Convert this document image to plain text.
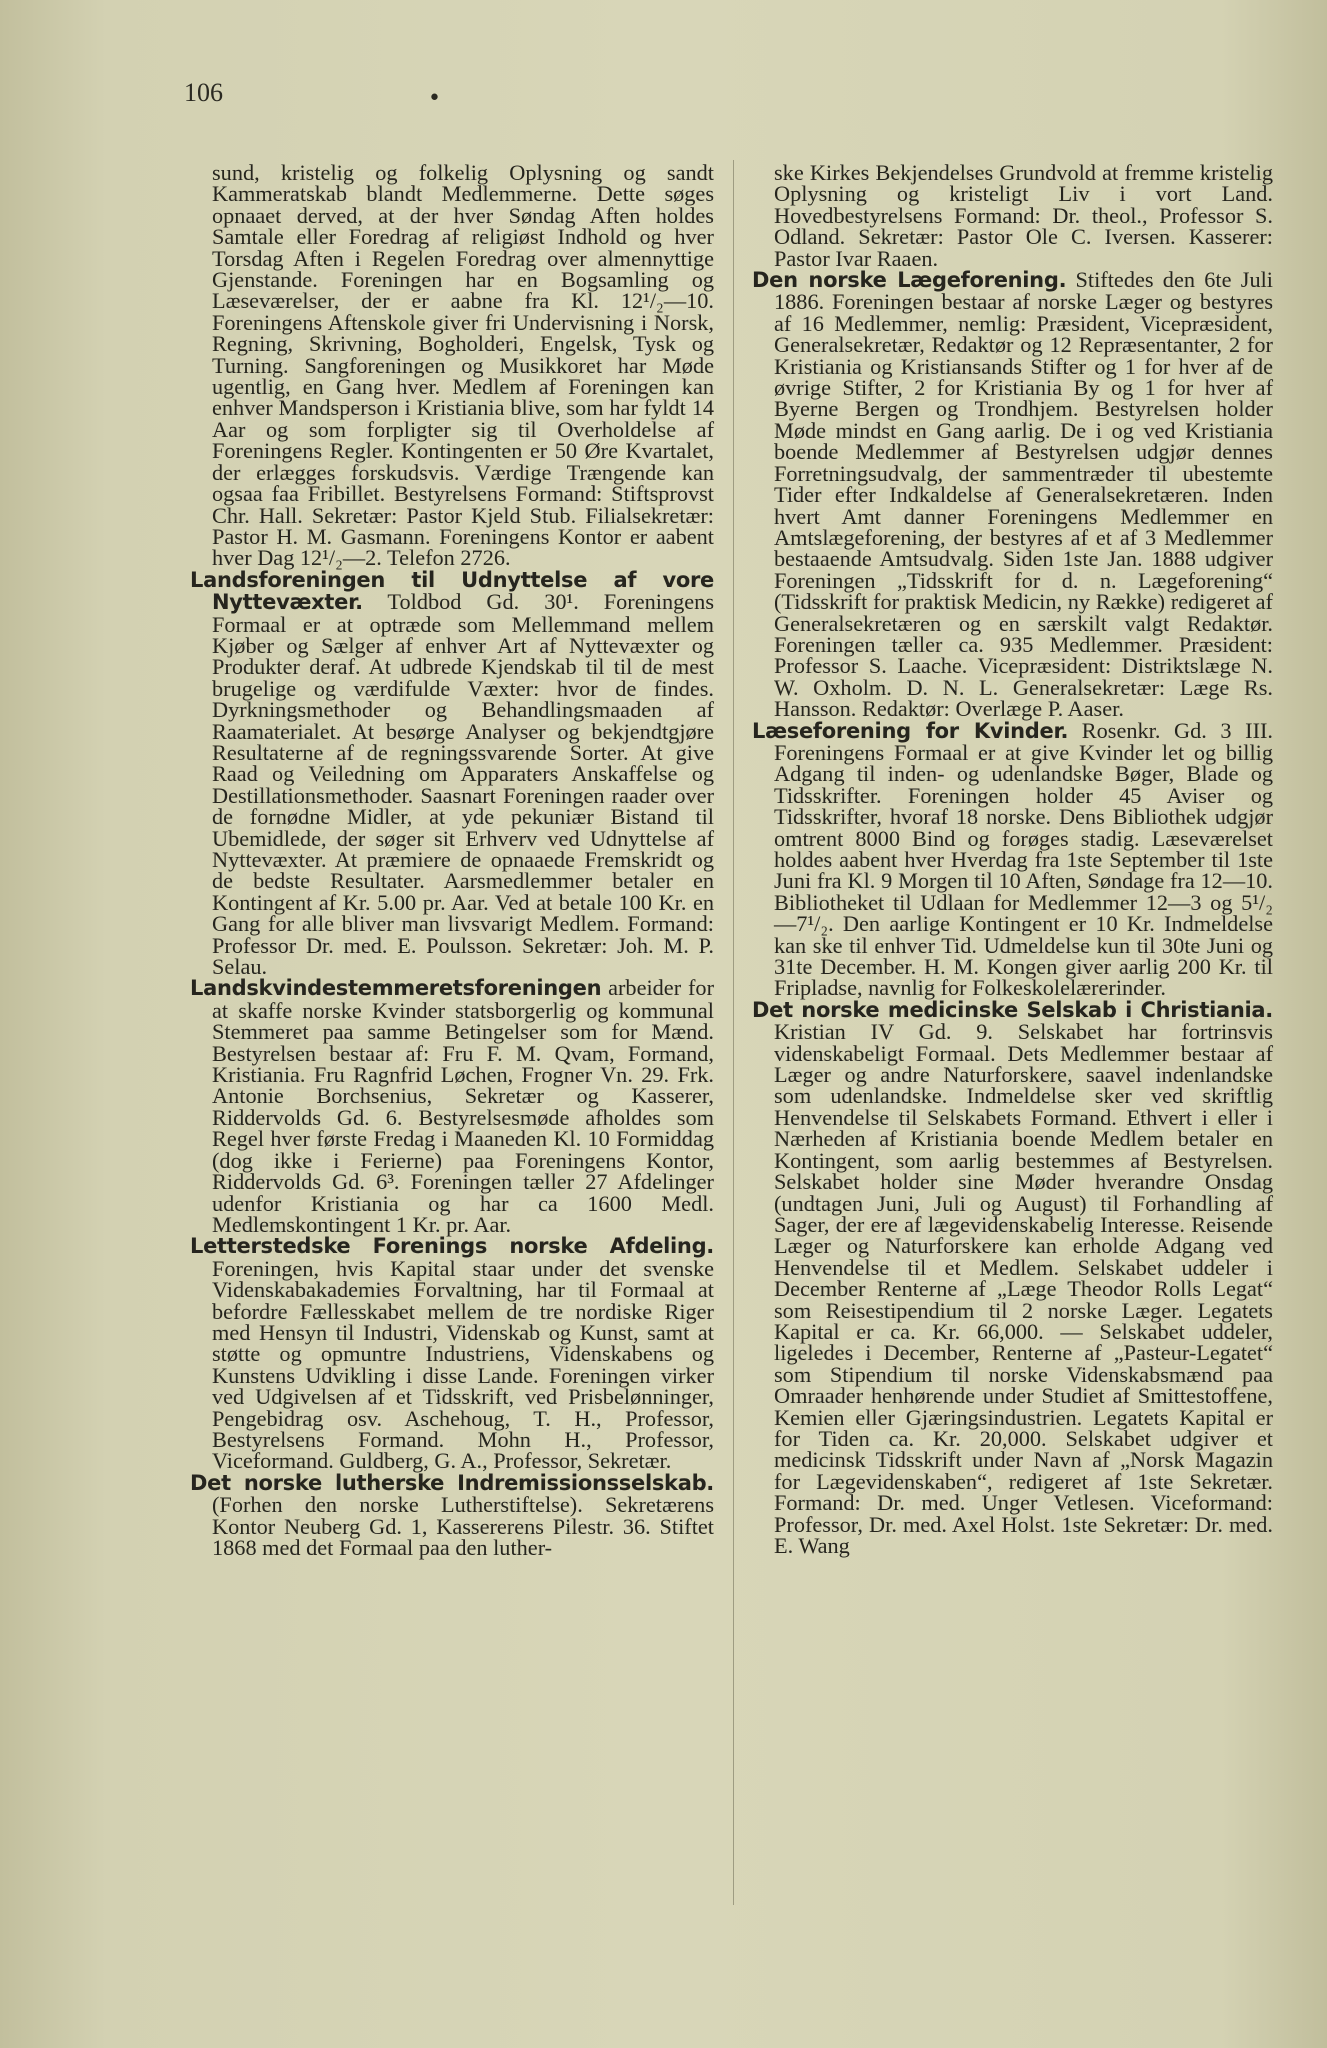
106	•

sund, kristelig og folkelig Oplysning og sandt Kammeratskab blandt Medlemmerne. Dette søges opnaaet derved, at der hver Søndag Aften holdes Samtale eller Foredrag af religiøst Indhold og hver Torsdag Aften i Regelen Foredrag over almennyttige Gjenstande. Foreningen har en Bogsamling og Læseværelser, der er aabne fra Kl. 12¹/₂—10. Foreningens Aftenskole giver fri Undervisning i Norsk, Regning, Skrivning, Bogholderi, Engelsk, Tysk og Turning. Sangforeningen og Musikkoret har Møde ugentlig, en Gang hver. Medlem af Foreningen kan enhver Mandsperson i Kristiania blive, som har fyldt 14 Aar og som forpligter sig til Overholdelse af Foreningens Regler. Kontingenten er 50 Øre Kvartalet, der erlægges forskudsvis. Værdige Trængende kan ogsaa faa Fribillet. Bestyrelsens Formand: Stiftsprovst Chr. Hall. Sekretær: Pastor Kjeld Stub. Filialsekretær: Pastor H. M. Gasmann. Foreningens Kontor er aabent hver Dag 12¹/₂—2. Telefon 2726.

Landsforeningen til Udnyttelse af vore Nyttevæxter. Toldbod Gd. 30¹. Foreningens Formaal er at optræde som Mellemmand mellem Kjøber og Sælger af enhver Art af Nyttevæxter og Produkter deraf. At udbrede Kjendskab til til de mest brugelige og værdifulde Væxter: hvor de findes. Dyrkningsmethoder og Behandlingsmaaden af Raamaterialet. At besørge Analyser og bekjendtgjøre Resultaterne af de regningssvarende Sorter. At give Raad og Veiledning om Apparaters Anskaffelse og Destillationsmethoder. Saasnart Foreningen raader over de fornødne Midler, at yde pekuniær Bistand til Ubemidlede, der søger sit Erhverv ved Udnyttelse af Nyttevæxter. At præmiere de opnaaede Fremskridt og de bedste Resultater. Aarsmedlemmer betaler en Kontingent af Kr. 5.00 pr. Aar. Ved at betale 100 Kr. en Gang for alle bliver man livsvarigt Medlem. Formand: Professor Dr. med. E. Poulsson. Sekretær: Joh. M. P. Selau.

Landskvindestemmeretsforeningen arbeider for at skaffe norske Kvinder statsborgerlig og kommunal Stemmeret paa samme Betingelser som for Mænd. Bestyrelsen bestaar af: Fru F. M. Qvam, Formand, Kristiania. Fru Ragnfrid Løchen, Frogner Vn. 29. Frk. Antonie Borchsenius, Sekretær og Kasserer, Riddervolds Gd. 6. Bestyrelsesmøde afholdes som Regel hver første Fredag i Maaneden Kl. 10 Formiddag (dog ikke i Ferierne) paa Foreningens Kontor, Riddervolds Gd. 6³. Foreningen tæller 27 Afdelinger udenfor Kristiania og har ca 1600 Medl. Medlemskontingent 1 Kr. pr. Aar.

Letterstedske Forenings norske Afdeling. Foreningen, hvis Kapital staar under det svenske Videnskabakademies Forvaltning, har til Formaal at befordre Fællesskabet mellem de tre nordiske Riger med Hensyn til Industri, Videnskab og Kunst, samt at støtte og opmuntre Industriens, Videnskabens og Kunstens Udvikling i disse Lande. Foreningen virker ved Udgivelsen af et Tidsskrift, ved Prisbelønninger, Pengebidrag osv. Aschehoug, T. H., Professor, Bestyrelsens Formand. Mohn H., Professor, Viceformand. Guldberg, G. A., Professor, Sekretær.

Det norske lutherske Indremissionsselskab. (Forhen den norske Lutherstiftelse). Sekretærens Kontor Neuberg Gd. 1, Kassererens Pilestr. 36. Stiftet 1868 med det Formaal paa den luther-

ske Kirkes Bekjendelses Grundvold at fremme kristelig Oplysning og kristeligt Liv i vort Land. Hovedbestyrelsens Formand: Dr. theol., Professor S. Odland. Sekretær: Pastor Ole C. Iversen. Kasserer: Pastor Ivar Raaen.

Den norske Lægeforening. Stiftedes den 6te Juli 1886. Foreningen bestaar af norske Læger og bestyres af 16 Medlemmer, nemlig: Præsident, Vicepræsident, Generalsekretær, Redaktør og 12 Repræsentanter, 2 for Kristiania og Kristiansands Stifter og 1 for hver af de øvrige Stifter, 2 for Kristiania By og 1 for hver af Byerne Bergen og Trondhjem. Bestyrelsen holder Møde mindst en Gang aarlig. De i og ved Kristiania boende Medlemmer af Bestyrelsen udgjør dennes Forretningsudvalg, der sammentræder til ubestemte Tider efter Indkaldelse af Generalsekretæren. Inden hvert Amt danner Foreningens Medlemmer en Amtslægeforening, der bestyres af et af 3 Medlemmer bestaaende Amtsudvalg. Siden 1ste Jan. 1888 udgiver Foreningen „Tidsskrift for d. n. Lægeforening“ (Tidsskrift for praktisk Medicin, ny Række) redigeret af Generalsekretæren og en særskilt valgt Redaktør. Foreningen tæller ca. 935 Medlemmer. Præsident: Professor S. Laache. Vicepræsident: Distriktslæge N. W. Oxholm. D. N. L. Generalsekretær: Læge Rs. Hansson. Redaktør: Overlæge P. Aaser.

Læseforening for Kvinder. Rosenkr. Gd. 3 III. Foreningens Formaal er at give Kvinder let og billig Adgang til inden- og udenlandske Bøger, Blade og Tidsskrifter. Foreningen holder 45 Aviser og Tidsskrifter, hvoraf 18 norske. Dens Bibliothek udgjør omtrent 8000 Bind og forøges stadig. Læseværelset holdes aabent hver Hverdag fra 1ste September til 1ste Juni fra Kl. 9 Morgen til 10 Aften, Søndage fra 12—10. Bibliotheket til Udlaan for Medlemmer 12—3 og 5¹/₂—7¹/₂. Den aarlige Kontingent er 10 Kr. Indmeldelse kan ske til enhver Tid. Udmeldelse kun til 30te Juni og 31te December. H. M. Kongen giver aarlig 200 Kr. til Fripladse, navnlig for Folkeskolelærerinder.

Det norske medicinske Selskab i Christiania. Kristian IV Gd. 9. Selskabet har fortrinsvis videnskabeligt Formaal. Dets Medlemmer bestaar af Læger og andre Naturforskere, saavel indenlandske som udenlandske. Indmeldelse sker ved skriftlig Henvendelse til Selskabets Formand. Ethvert i eller i Nærheden af Kristiania boende Medlem betaler en Kontingent, som aarlig bestemmes af Bestyrelsen. Selskabet holder sine Møder hverandre Onsdag (undtagen Juni, Juli og August) til Forhandling af Sager, der ere af lægevidenskabelig Interesse. Reisende Læger og Naturforskere kan erholde Adgang ved Henvendelse til et Medlem. Selskabet uddeler i December Renterne af „Læge Theodor Rolls Legat“ som Reisestipendium til 2 norske Læger. Legatets Kapital er ca. Kr. 66,000. — Selskabet uddeler, ligeledes i December, Renterne af „Pasteur-Legatet“ som Stipendium til norske Videnskabsmænd paa Omraader henhørende under Studiet af Smittestoffene, Kemien eller Gjæringsindustrien. Legatets Kapital er for Tiden ca. Kr. 20,000. Selskabet udgiver et medicinsk Tidsskrift under Navn af „Norsk Magazin for Lægevidenskaben“, redigeret af 1ste Sekretær. Formand: Dr. med. Unger Vetlesen. Viceformand: Professor, Dr. med. Axel Holst. 1ste Sekretær: Dr. med. E. Wang
